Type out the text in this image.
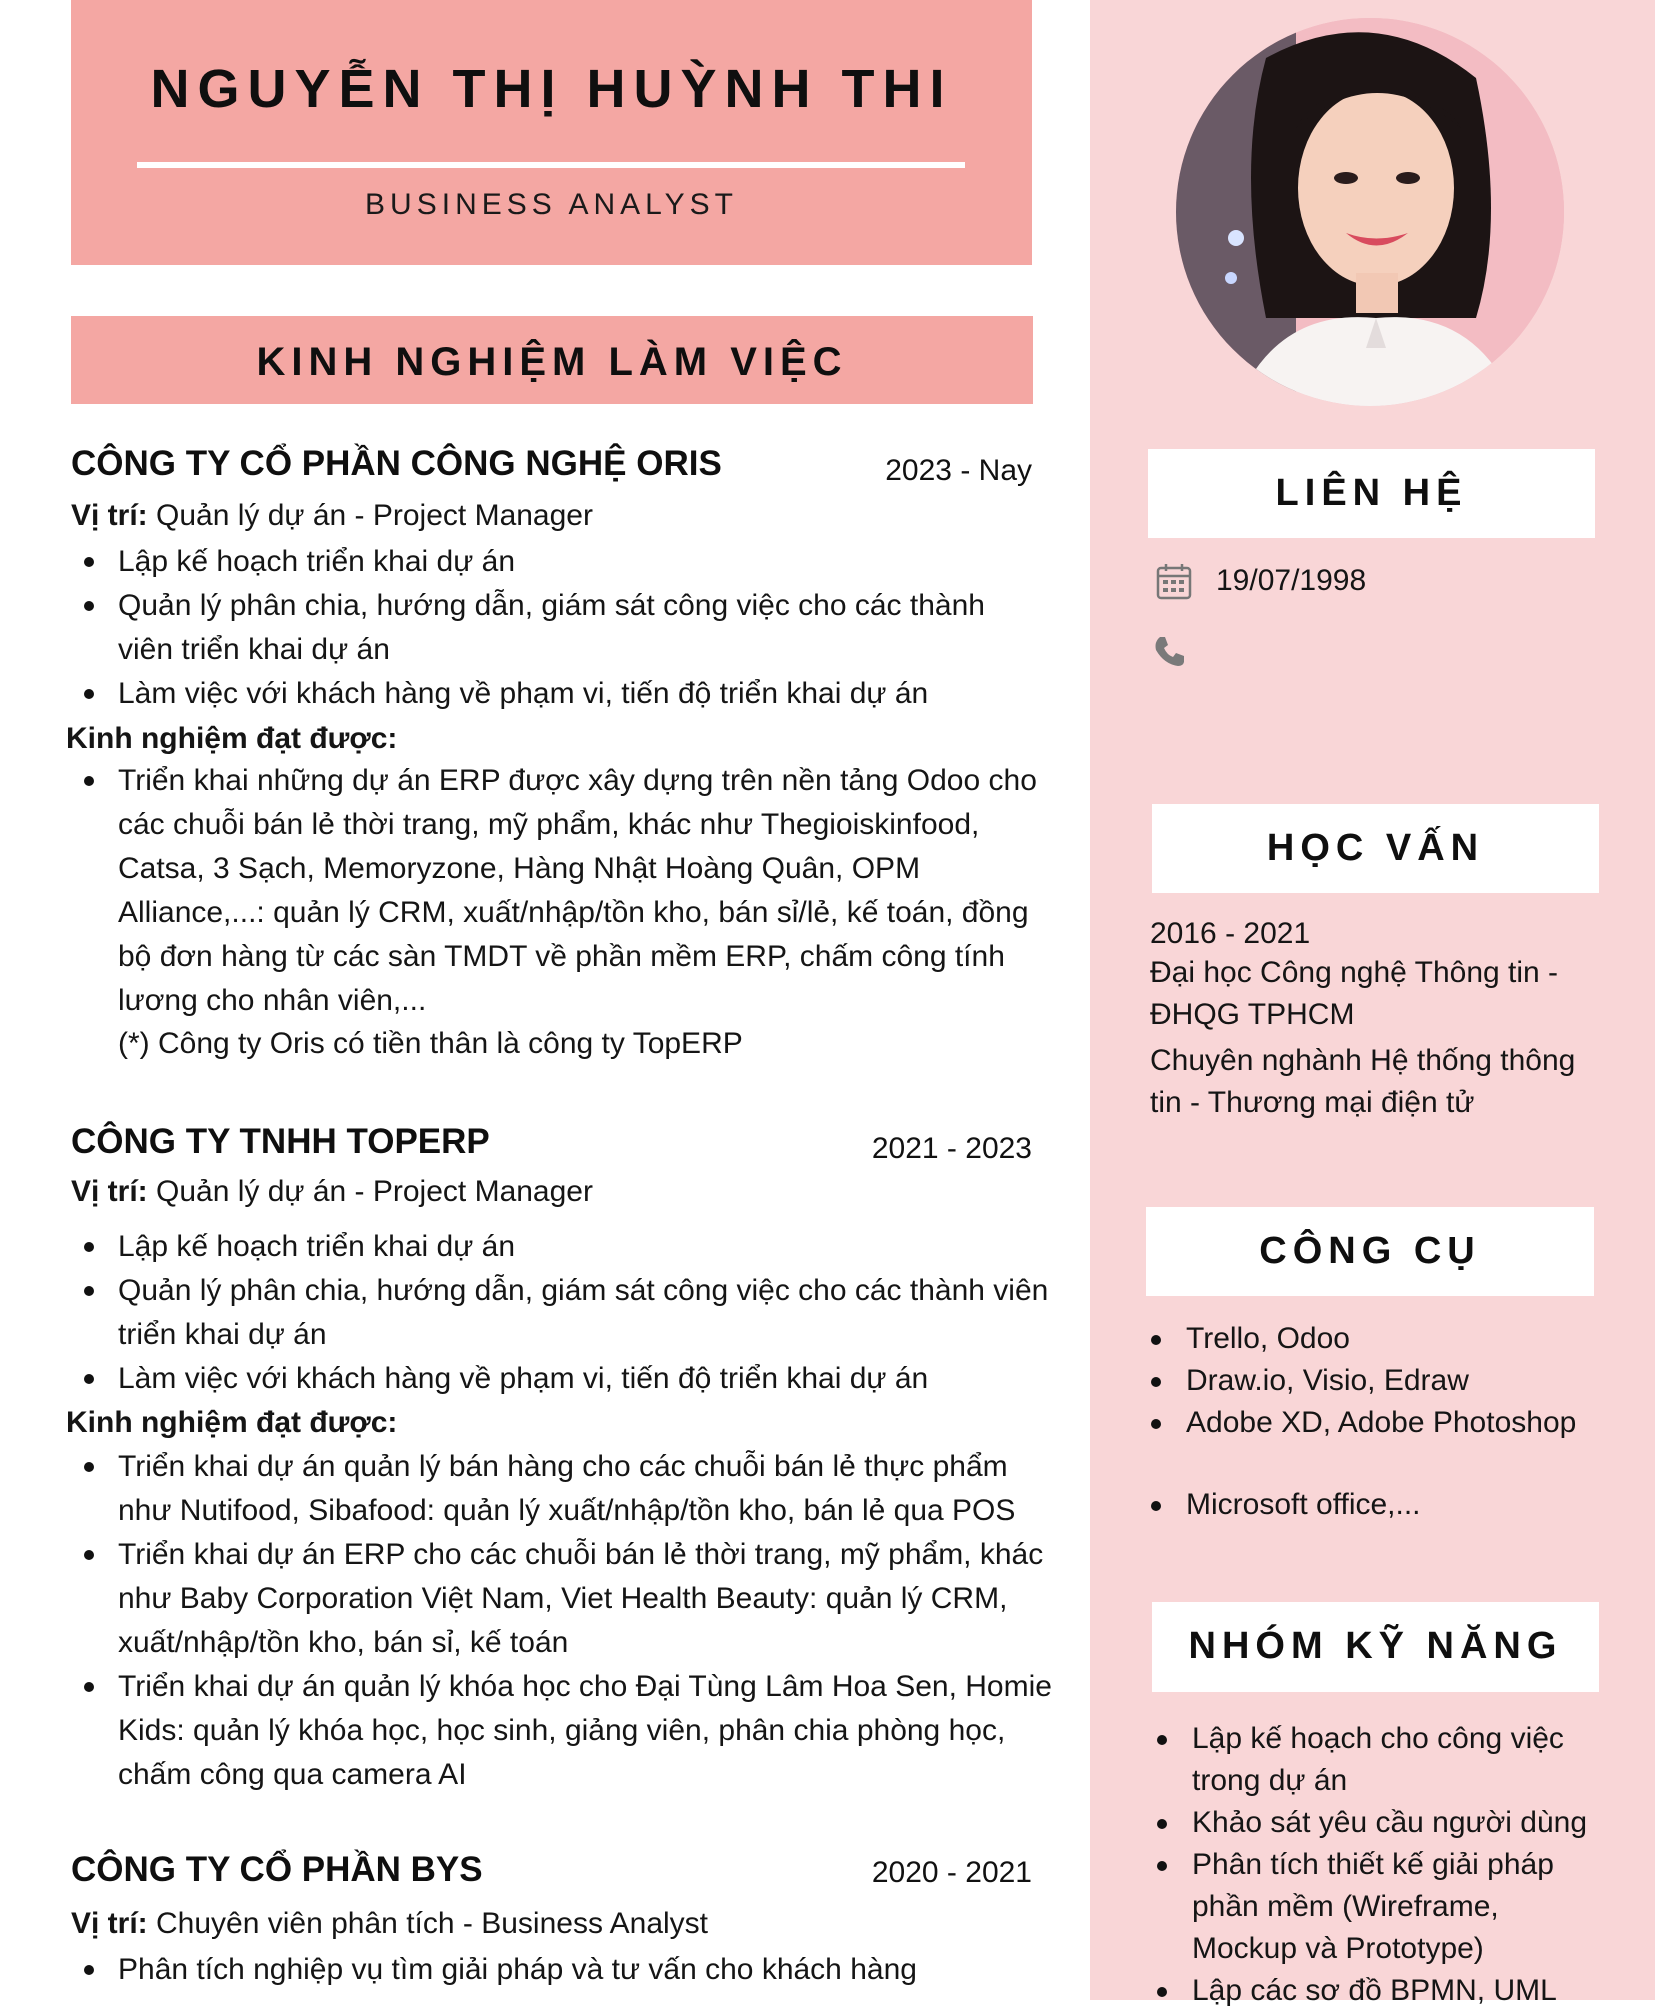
NGUYỄN THỊ HUỲNH THI
BUSINESS ANALYST
KINH NGHIỆM LÀM VIỆC
CÔNG TY CỔ PHẦN CÔNG NGHỆ ORIS	2023 - Nay
Vị trí: Quản lý dự án - Project Manager
Lập kế hoạch triển khai dự án
Quản lý phân chia, hướng dẫn, giám sát công việc cho các thành viên triển khai dự án
Làm việc với khách hàng về phạm vi, tiến độ triển khai dự án
Kinh nghiệm đạt được:
Triển khai những dự án ERP được xây dựng trên nền tảng Odoo cho các chuỗi bán lẻ thời trang, mỹ phẩm, khác như Thegioiskinfood, Catsa, 3 Sạch, Memoryzone, Hàng Nhật Hoàng Quân, OPM Alliance,...: quản lý CRM, xuất/nhập/tồn kho, bán sỉ/lẻ, kế toán, đồng bộ đơn hàng từ các sàn TMDT về phần mềm ERP, chấm công tính lương cho nhân viên,...
(*) Công ty Oris có tiền thân là công ty TopERP
CÔNG TY TNHH TOPERP	2021 - 2023
Vị trí: Quản lý dự án - Project Manager
Lập kế hoạch triển khai dự án
Quản lý phân chia, hướng dẫn, giám sát công việc cho các thành viên triển khai dự án
Làm việc với khách hàng về phạm vi, tiến độ triển khai dự án
Kinh nghiệm đạt được:
Triển khai dự án quản lý bán hàng cho các chuỗi bán lẻ thực phẩm như Nutifood, Sibafood: quản lý xuất/nhập/tồn kho, bán lẻ qua POS
Triển khai dự án ERP cho các chuỗi bán lẻ thời trang, mỹ phẩm, khác như Baby Corporation Việt Nam, Viet Health Beauty: quản lý CRM, xuất/nhập/tồn kho, bán sỉ, kế toán
Triển khai dự án quản lý khóa học cho Đại Tùng Lâm Hoa Sen, Homie Kids: quản lý khóa học, học sinh, giảng viên, phân chia phòng học, chấm công qua camera AI
CÔNG TY CỔ PHẦN BYS	2020 - 2021
Vị trí: Chuyên viên phân tích - Business Analyst
Phân tích nghiệp vụ tìm giải pháp và tư vấn cho khách hàng
LIÊN HỆ
19/07/1998
HỌC VẤN
2016 - 2021
Đại học Công nghệ Thông tin - ĐHQG TPHCM
Chuyên nghành Hệ thống thông tin - Thương mại điện tử
CÔNG CỤ
Trello, Odoo
Draw.io, Visio, Edraw
Adobe XD, Adobe Photoshop
Microsoft office,...
NHÓM KỸ NĂNG
Lập kế hoạch cho công việc trong dự án
Khảo sát yêu cầu người dùng
Phân tích thiết kế giải pháp phần mềm (Wireframe, Mockup và Prototype)
Lập các sơ đồ BPMN, UML
